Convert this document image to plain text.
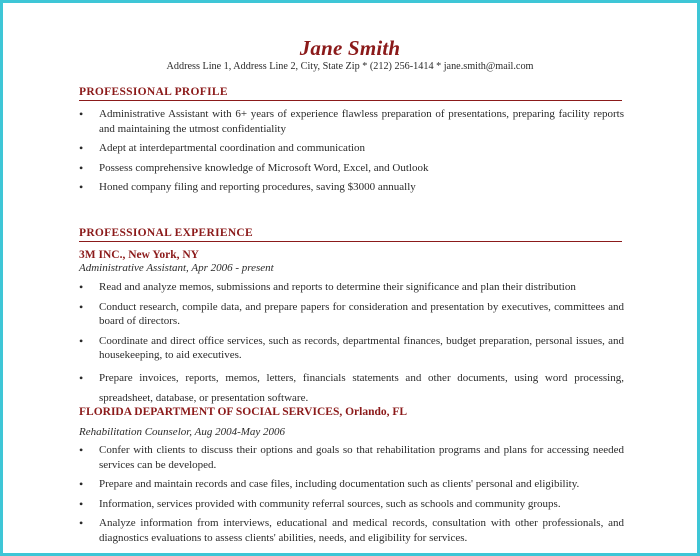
Jane Smith
Address Line 1, Address Line 2, City, State Zip * (212) 256-1414 * jane.smith@mail.com
PROFESSIONAL PROFILE
• Administrative Assistant with 6+ years of experience flawless preparation of presentations, preparing facility reports and maintaining the utmost confidentiality
• Adept at interdepartmental coordination and communication
• Possess comprehensive knowledge of Microsoft Word, Excel, and Outlook
• Honed company filing and reporting procedures, saving $3000 annually
PROFESSIONAL EXPERIENCE
3M INC., New York, NY
Administrative Assistant, Apr 2006 - present
• Read and analyze memos, submissions and reports to determine their significance and plan their distribution
• Conduct research, compile data, and prepare papers for consideration and presentation by executives, committees and board of directors.
• Coordinate and direct office services, such as records, departmental finances, budget preparation, personal issues, and housekeeping, to aid executives.
• Prepare invoices, reports, memos, letters, financials statements and other documents, using word processing, spreadsheet, database, or presentation software.
FLORIDA DEPARTMENT OF SOCIAL SERVICES, Orlando, FL
Rehabilitation Counselor, Aug 2004-May 2006
• Confer with clients to discuss their options and goals so that rehabilitation programs and plans for accessing needed services can be developed.
• Prepare and maintain records and case files, including documentation such as clients' personal and eligibility.
• Information, services provided with community referral sources, such as schools and community groups.
• Analyze information from interviews, educational and medical records, consultation with other professionals, and diagnostics evaluations to assess clients' abilities, needs, and eligibility for services.
